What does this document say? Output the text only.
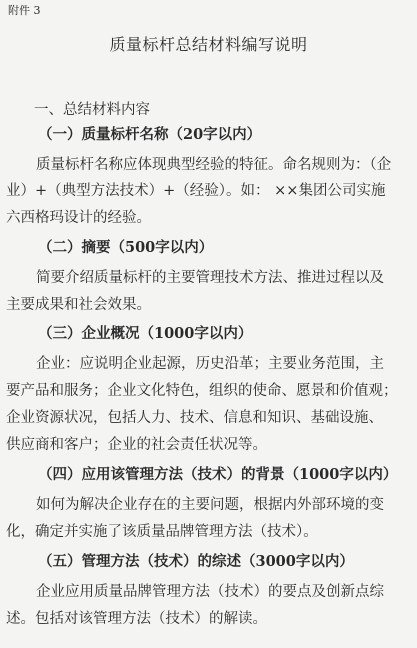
附件 3
质量标杆总结材料编写说明
一、总结材料内容
（一）质量标杆名称（20字以内）
质量标杆名称应体现典型经验的特征。命名规则为：（企
业）+（典型方法技术）+（经验）。如： ××集团公司实施
六西格玛设计的经验。
（二）摘要（500字以内）
简要介绍质量标杆的主要管理技术方法、推进过程以及
主要成果和社会效果。
（三）企业概况（1000字以内）
企业：应说明企业起源，历史沿革；主要业务范围，主
要产品和服务；企业文化特色，组织的使命、愿景和价值观；
企业资源状况，包括人力、技术、信息和知识、基础设施、
供应商和客户；企业的社会责任状况等。
（四）应用该管理方法（技术）的背景（1000字以内）
如何为解决企业存在的主要问题，根据内外部环境的变
化，确定并实施了该质量品牌管理方法（技术）。
（五）管理方法（技术）的综述（3000字以内）
企业应用质量品牌管理方法（技术）的要点及创新点综
述。包括对该管理方法（技术）的解读。
